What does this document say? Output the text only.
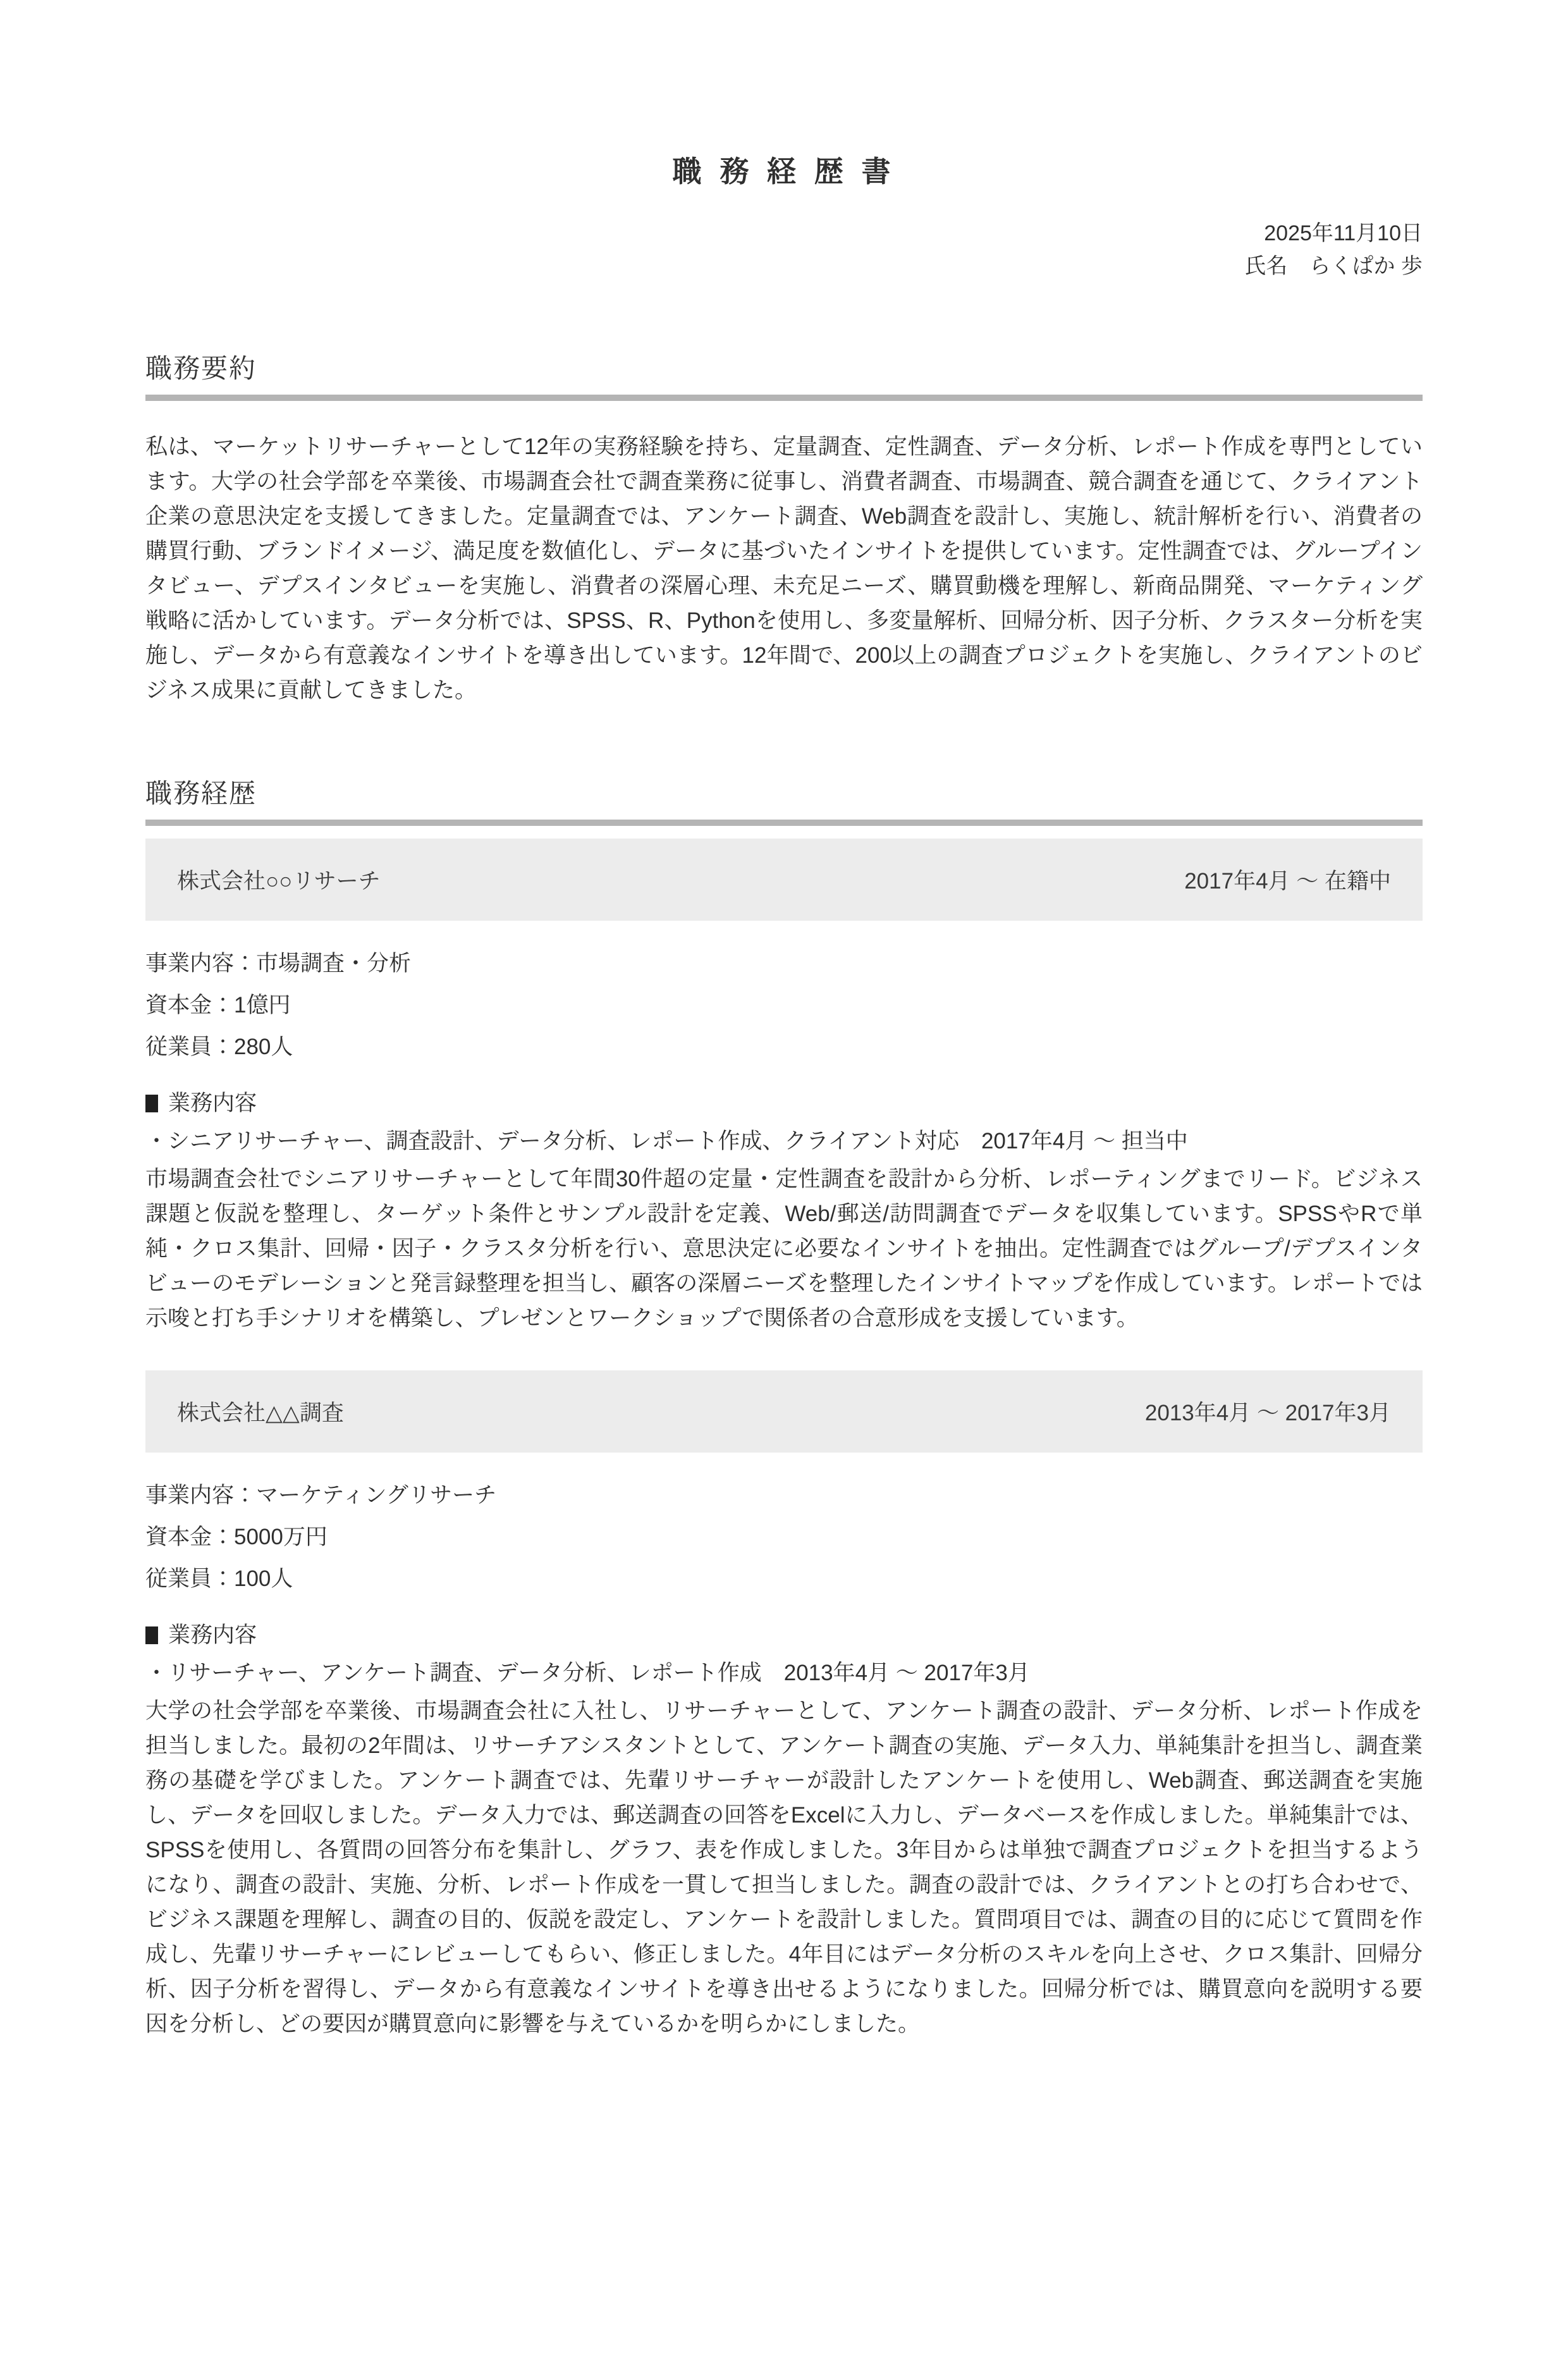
職 務 経 歴 書
2025年11月10日
氏名　らくぱか 歩
職務要約

私は、マーケットリサーチャーとして12年の実務経験を持ち、定量調査、定性調査、データ分析、レポート作成を専門としています。大学の社会学部を卒業後、市場調査会社で調査業務に従事し、消費者調査、市場調査、競合調査を通じて、クライアント企業の意思決定を支援してきました。定量調査では、アンケート調査、Web調査を設計し、実施し、統計解析を行い、消費者の購買行動、ブランドイメージ、満足度を数値化し、データに基づいたインサイトを提供しています。定性調査では、グループインタビュー、デプスインタビューを実施し、消費者の深層心理、未充足ニーズ、購買動機を理解し、新商品開発、マーケティング戦略に活かしています。データ分析では、SPSS、R、Pythonを使用し、多変量解析、回帰分析、因子分析、クラスター分析を実施し、データから有意義なインサイトを導き出しています。12年間で、200以上の調査プロジェクトを実施し、クライアントのビジネス成果に貢献してきました。

職務経歴
株式会社○○リサーチ	2017年4月 ～ 在籍中
事業内容：市場調査・分析
資本金：1億円
従業員：280人
業務内容
・シニアリサーチャー、調査設計、データ分析、レポート作成、クライアント対応　2017年4月 ～ 担当中

市場調査会社でシニアリサーチャーとして年間30件超の定量・定性調査を設計から分析、レポーティングまでリード。ビジネス課題と仮説を整理し、ターゲット条件とサンプル設計を定義、Web/郵送/訪問調査でデータを収集しています。SPSSやRで単純・クロス集計、回帰・因子・クラスタ分析を行い、意思決定に必要なインサイトを抽出。定性調査ではグループ/デプスインタビューのモデレーションと発言録整理を担当し、顧客の深層ニーズを整理したインサイトマップを作成しています。レポートでは示唆と打ち手シナリオを構築し、プレゼンとワークショップで関係者の合意形成を支援しています。

株式会社△△調査	2013年4月 ～ 2017年3月
事業内容：マーケティングリサーチ
資本金：5000万円
従業員：100人
業務内容
・リサーチャー、アンケート調査、データ分析、レポート作成　2013年4月 ～ 2017年3月

大学の社会学部を卒業後、市場調査会社に入社し、リサーチャーとして、アンケート調査の設計、データ分析、レポート作成を担当しました。最初の2年間は、リサーチアシスタントとして、アンケート調査の実施、データ入力、単純集計を担当し、調査業務の基礎を学びました。アンケート調査では、先輩リサーチャーが設計したアンケートを使用し、Web調査、郵送調査を実施し、データを回収しました。データ入力では、郵送調査の回答をExcelに入力し、データベースを作成しました。単純集計では、SPSSを使用し、各質問の回答分布を集計し、グラフ、表を作成しました。3年目からは単独で調査プロジェクトを担当するようになり、調査の設計、実施、分析、レポート作成を一貫して担当しました。調査の設計では、クライアントとの打ち合わせで、ビジネス課題を理解し、調査の目的、仮説を設定し、アンケートを設計しました。質問項目では、調査の目的に応じて質問を作成し、先輩リサーチャーにレビューしてもらい、修正しました。4年目にはデータ分析のスキルを向上させ、クロス集計、回帰分析、因子分析を習得し、データから有意義なインサイトを導き出せるようになりました。回帰分析では、購買意向を説明する要因を分析し、どの要因が購買意向に影響を与えているかを明らかにしました。
